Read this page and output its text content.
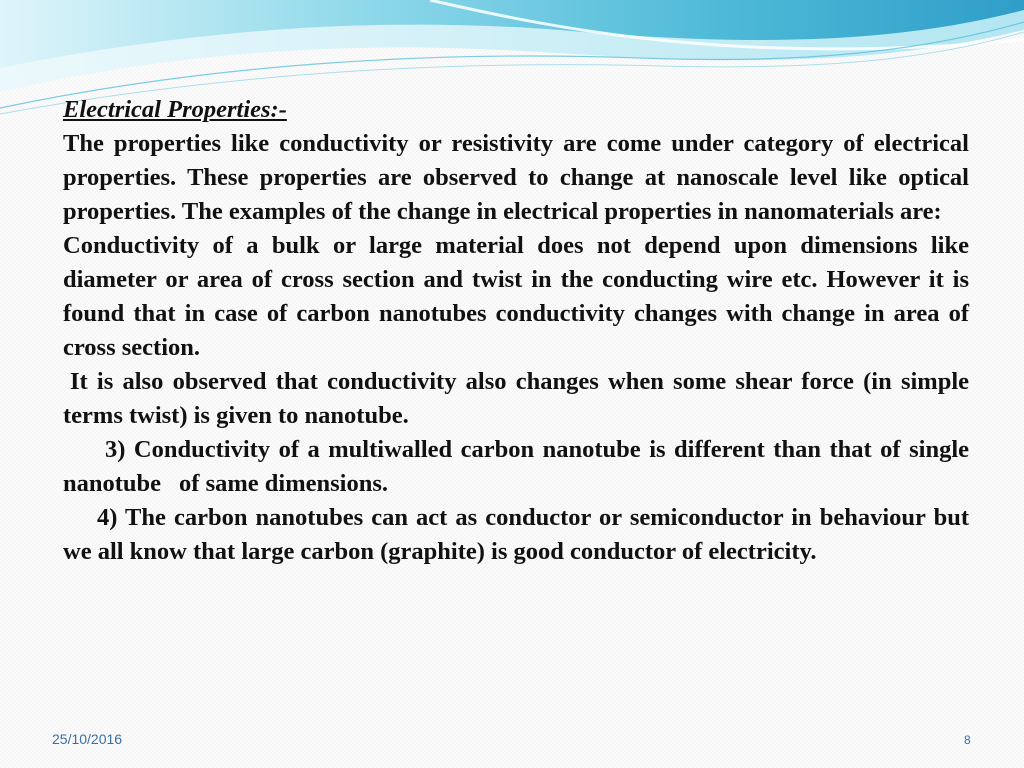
Electrical Properties:-

The properties like conductivity or resistivity are come under category of electrical properties. These properties are observed to change at nanoscale level like optical properties. The examples of the change in electrical properties in nanomaterials are:

Conductivity of a bulk or large material does not depend upon dimensions like diameter or area of cross section and twist in the conducting wire etc. However it is found that in case of carbon nanotubes conductivity changes with change in area of cross section.

It is also observed that conductivity also changes when some shear force (in simple terms twist) is given to nanotube.

3) Conductivity of a multiwalled carbon nanotube is different than that of single nanotube of same dimensions.

4) The carbon nanotubes can act as conductor or semiconductor in behaviour but we all know that large carbon (graphite) is good conductor of electricity.

25/10/2016	8
